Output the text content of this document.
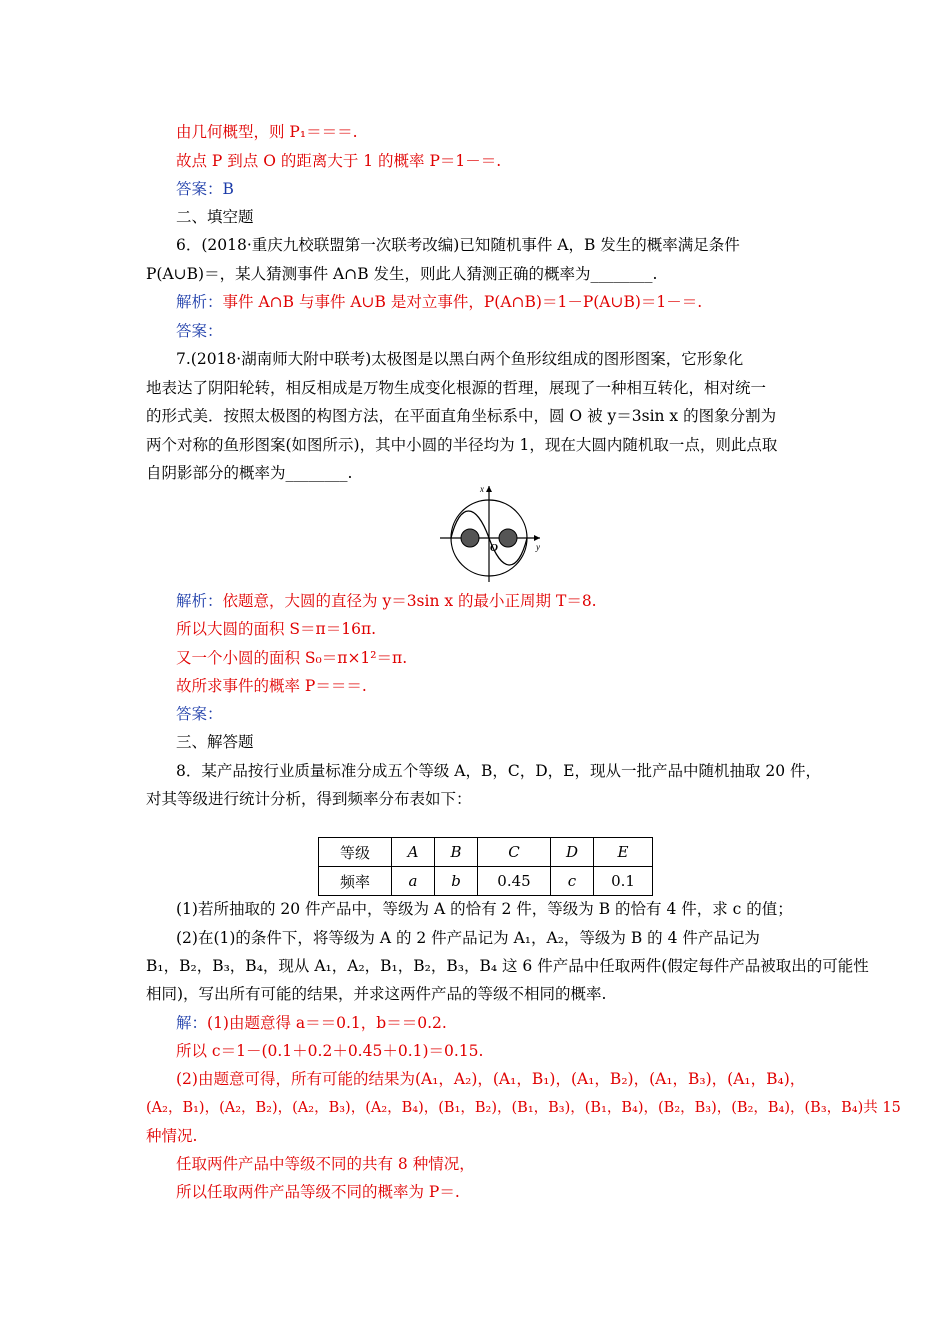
由几何概型，则 P₁＝＝＝.
故点 P 到点 O 的距离大于 1 的概率 P＝1－＝.
答案：B
二、填空题
6．(2018·重庆九校联盟第一次联考改编)已知随机事件 A，B 发生的概率满足条件
P(A∪B)＝，某人猜测事件 A∩B 发生，则此人猜测正确的概率为________.
解析：事件 A∩B 与事件 A∪B 是对立事件，P(A∩B)＝1－P(A∪B)＝1－＝.
答案：
7.(2018·湖南师大附中联考)太极图是以黑白两个鱼形纹组成的图形图案，它形象化
地表达了阴阳轮转，相反相成是万物生成变化根源的哲理，展现了一种相互转化，相对统一
的形式美．按照太极图的构图方法，在平面直角坐标系中，圆 O 被 y＝3sin x 的图象分割为
两个对称的鱼形图案(如图所示)，其中小圆的半径均为 1，现在大圆内随机取一点，则此点取
自阴影部分的概率为________.
x
y
O
解析：依题意，大圆的直径为 y＝3sin x 的最小正周期 T＝8.
所以大圆的面积 S＝π＝16π.
又一个小圆的面积 S₀＝π×1²＝π.
故所求事件的概率 P＝＝＝.
答案：
三、解答题
8．某产品按行业质量标准分成五个等级 A，B，C，D，E，现从一批产品中随机抽取 20 件，
对其等级进行统计分析，得到频率分布表如下：
等级	A	B	C	D	E
频率	a	b	0.45	c	0.1
(1)若所抽取的 20 件产品中，等级为 A 的恰有 2 件，等级为 B 的恰有 4 件，求 c 的值；
(2)在(1)的条件下，将等级为 A 的 2 件产品记为 A₁，A₂，等级为 B 的 4 件产品记为
B₁，B₂，B₃，B₄，现从 A₁，A₂，B₁，B₂，B₃，B₄ 这 6 件产品中任取两件(假定每件产品被取出的可能性
相同)，写出所有可能的结果，并求这两件产品的等级不相同的概率.
解：(1)由题意得 a＝＝0.1，b＝＝0.2.
所以 c＝1－(0.1＋0.2＋0.45＋0.1)＝0.15.
(2)由题意可得，所有可能的结果为(A₁，A₂)，(A₁，B₁)，(A₁，B₂)，(A₁，B₃)，(A₁，B₄)，
(A₂，B₁)，(A₂，B₂)，(A₂，B₃)，(A₂，B₄)，(B₁，B₂)，(B₁，B₃)，(B₁，B₄)，(B₂，B₃)，(B₂，B₄)，(B₃，B₄)共 15
种情况.
任取两件产品中等级不同的共有 8 种情况，
所以任取两件产品等级不同的概率为 P＝.
